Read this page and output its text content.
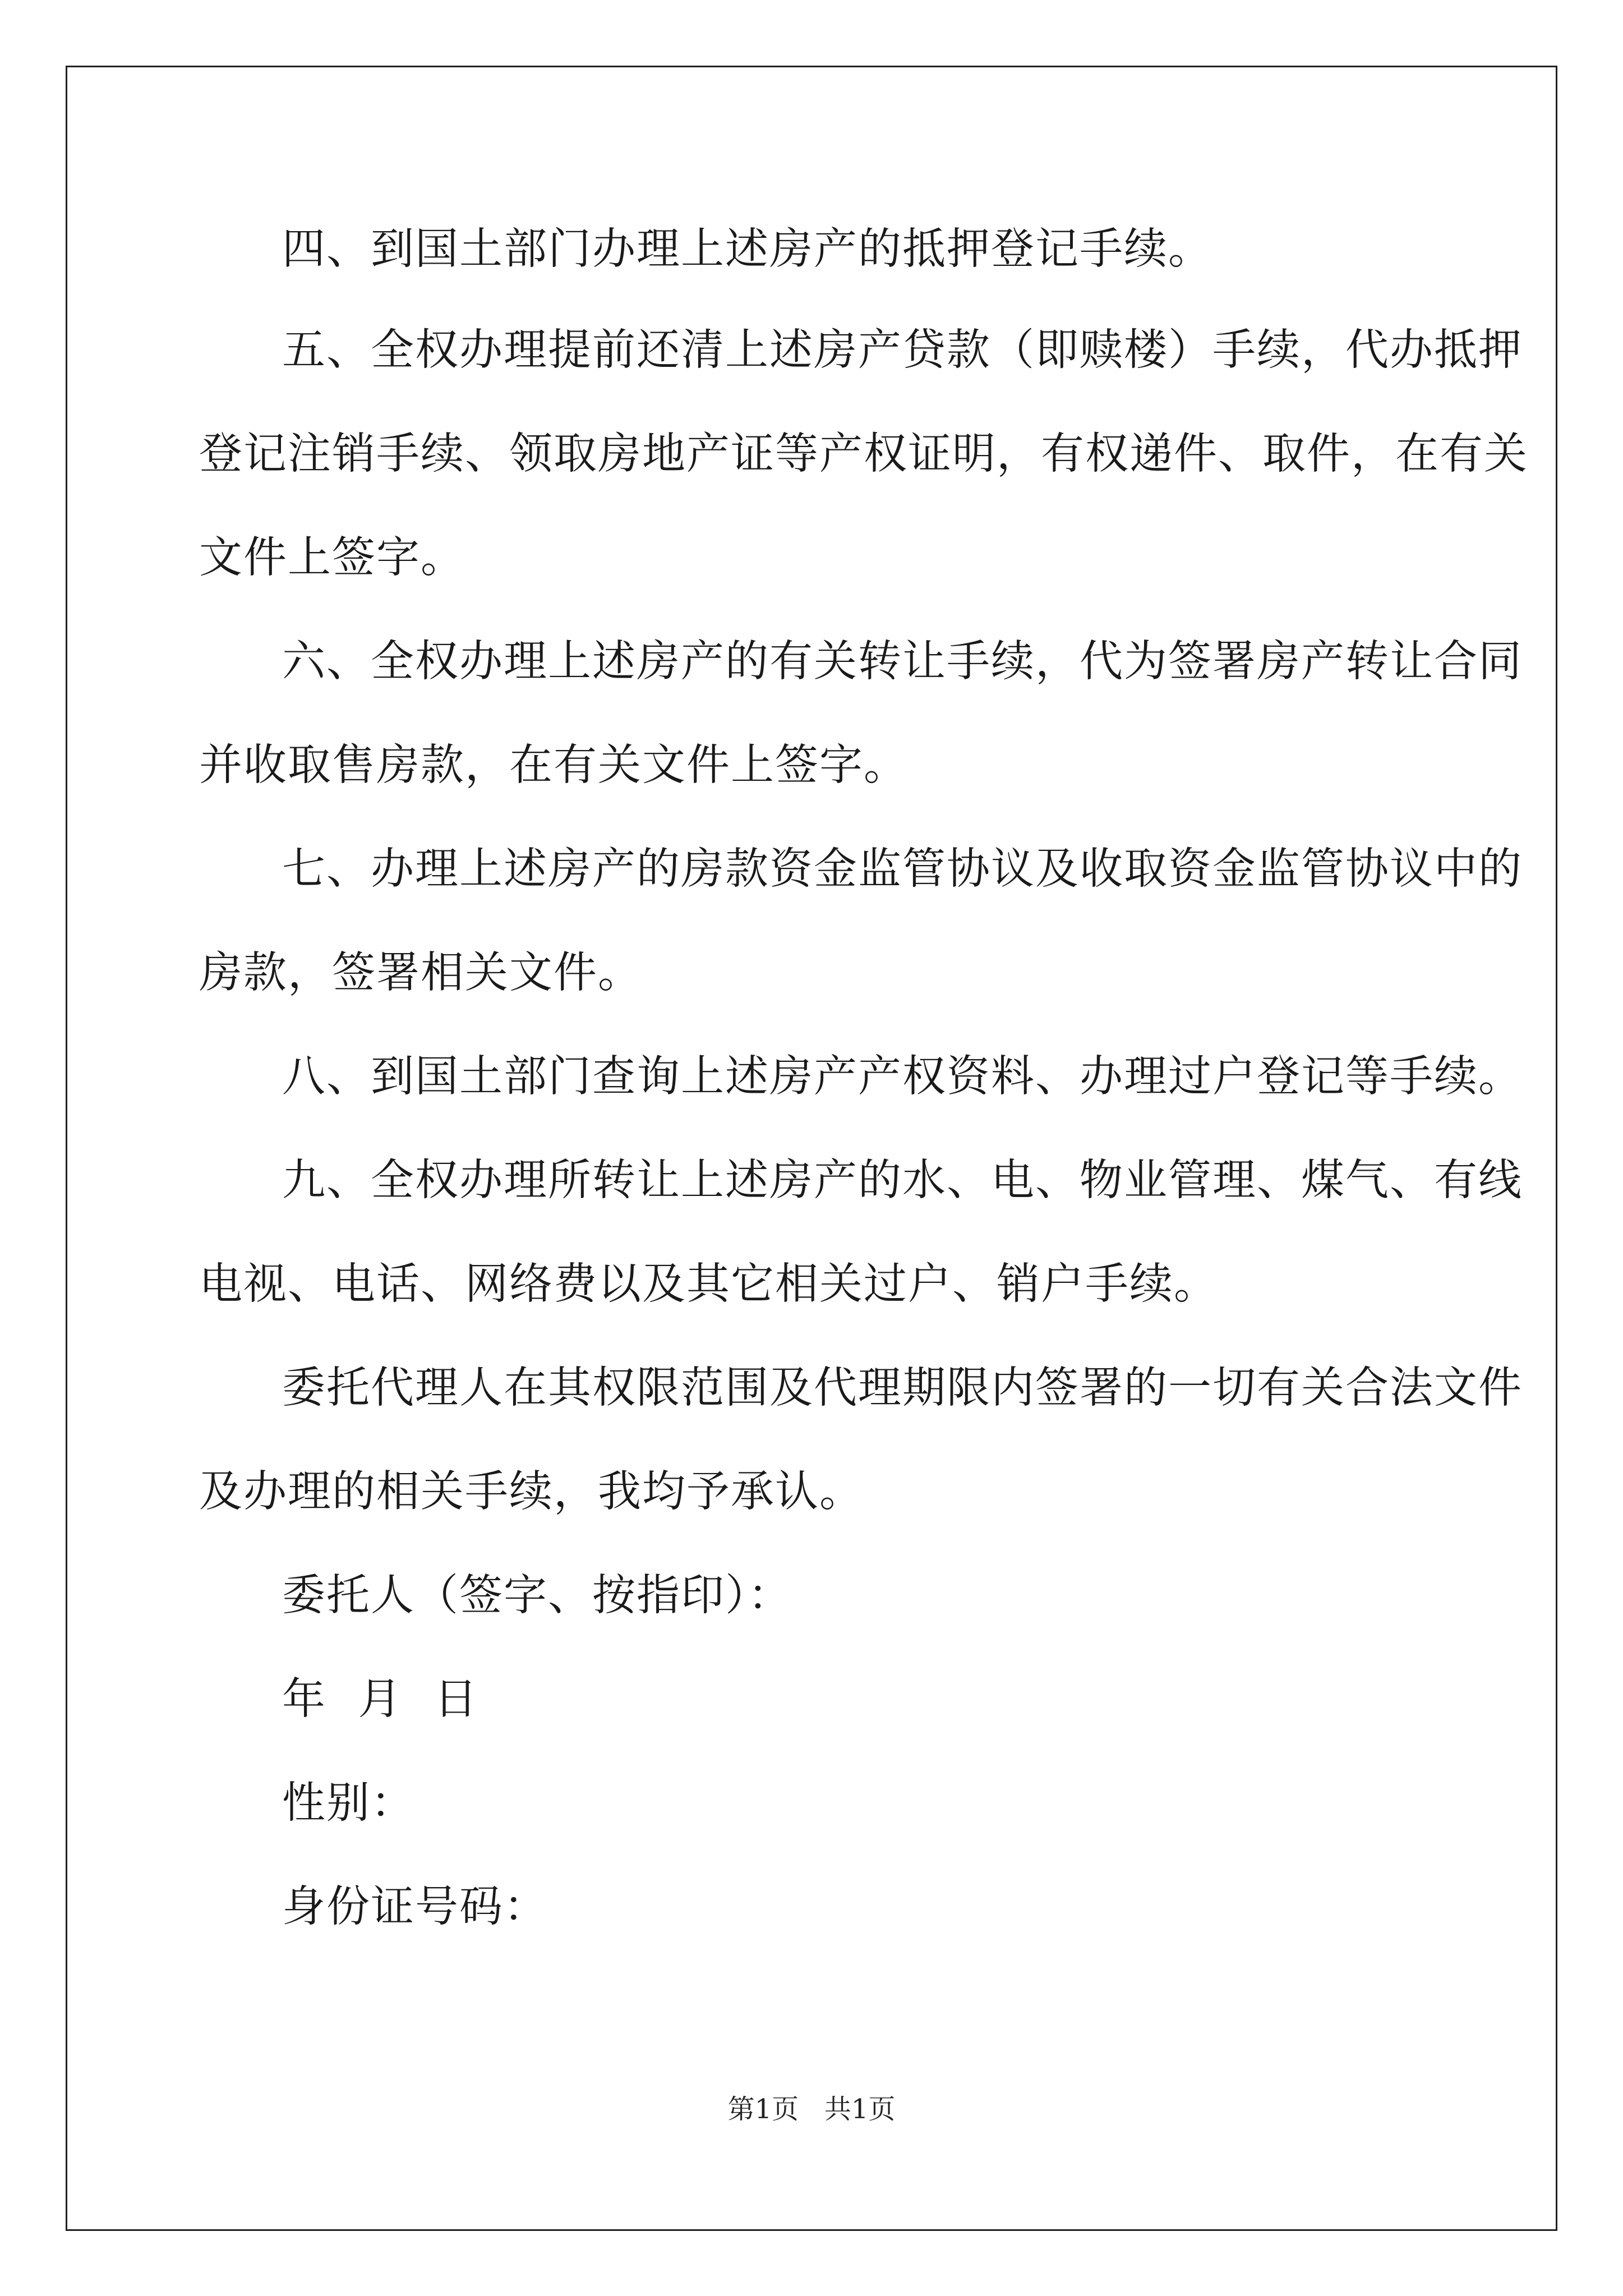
四、到国土部门办理上述房产的抵押登记手续。
五、全权办理提前还清上述房产贷款（即赎楼）手续，代办抵押
登记注销手续、领取房地产证等产权证明，有权递件、取件，在有关
文件上签字。
六、全权办理上述房产的有关转让手续，代为签署房产转让合同
并收取售房款，在有关文件上签字。
七、办理上述房产的房款资金监管协议及收取资金监管协议中的
房款，签署相关文件。
八、到国土部门查询上述房产产权资料、办理过户登记等手续。
九、全权办理所转让上述房产的水、电、物业管理、煤气、有线
电视、电话、网络费以及其它相关过户、销户手续。
委托代理人在其权限范围及代理期限内签署的一切有关合法文件
及办理的相关手续，我均予承认。
委托人（签字、按指印）：
年 月 日
性别：
身份证号码：
第1页   共1页
